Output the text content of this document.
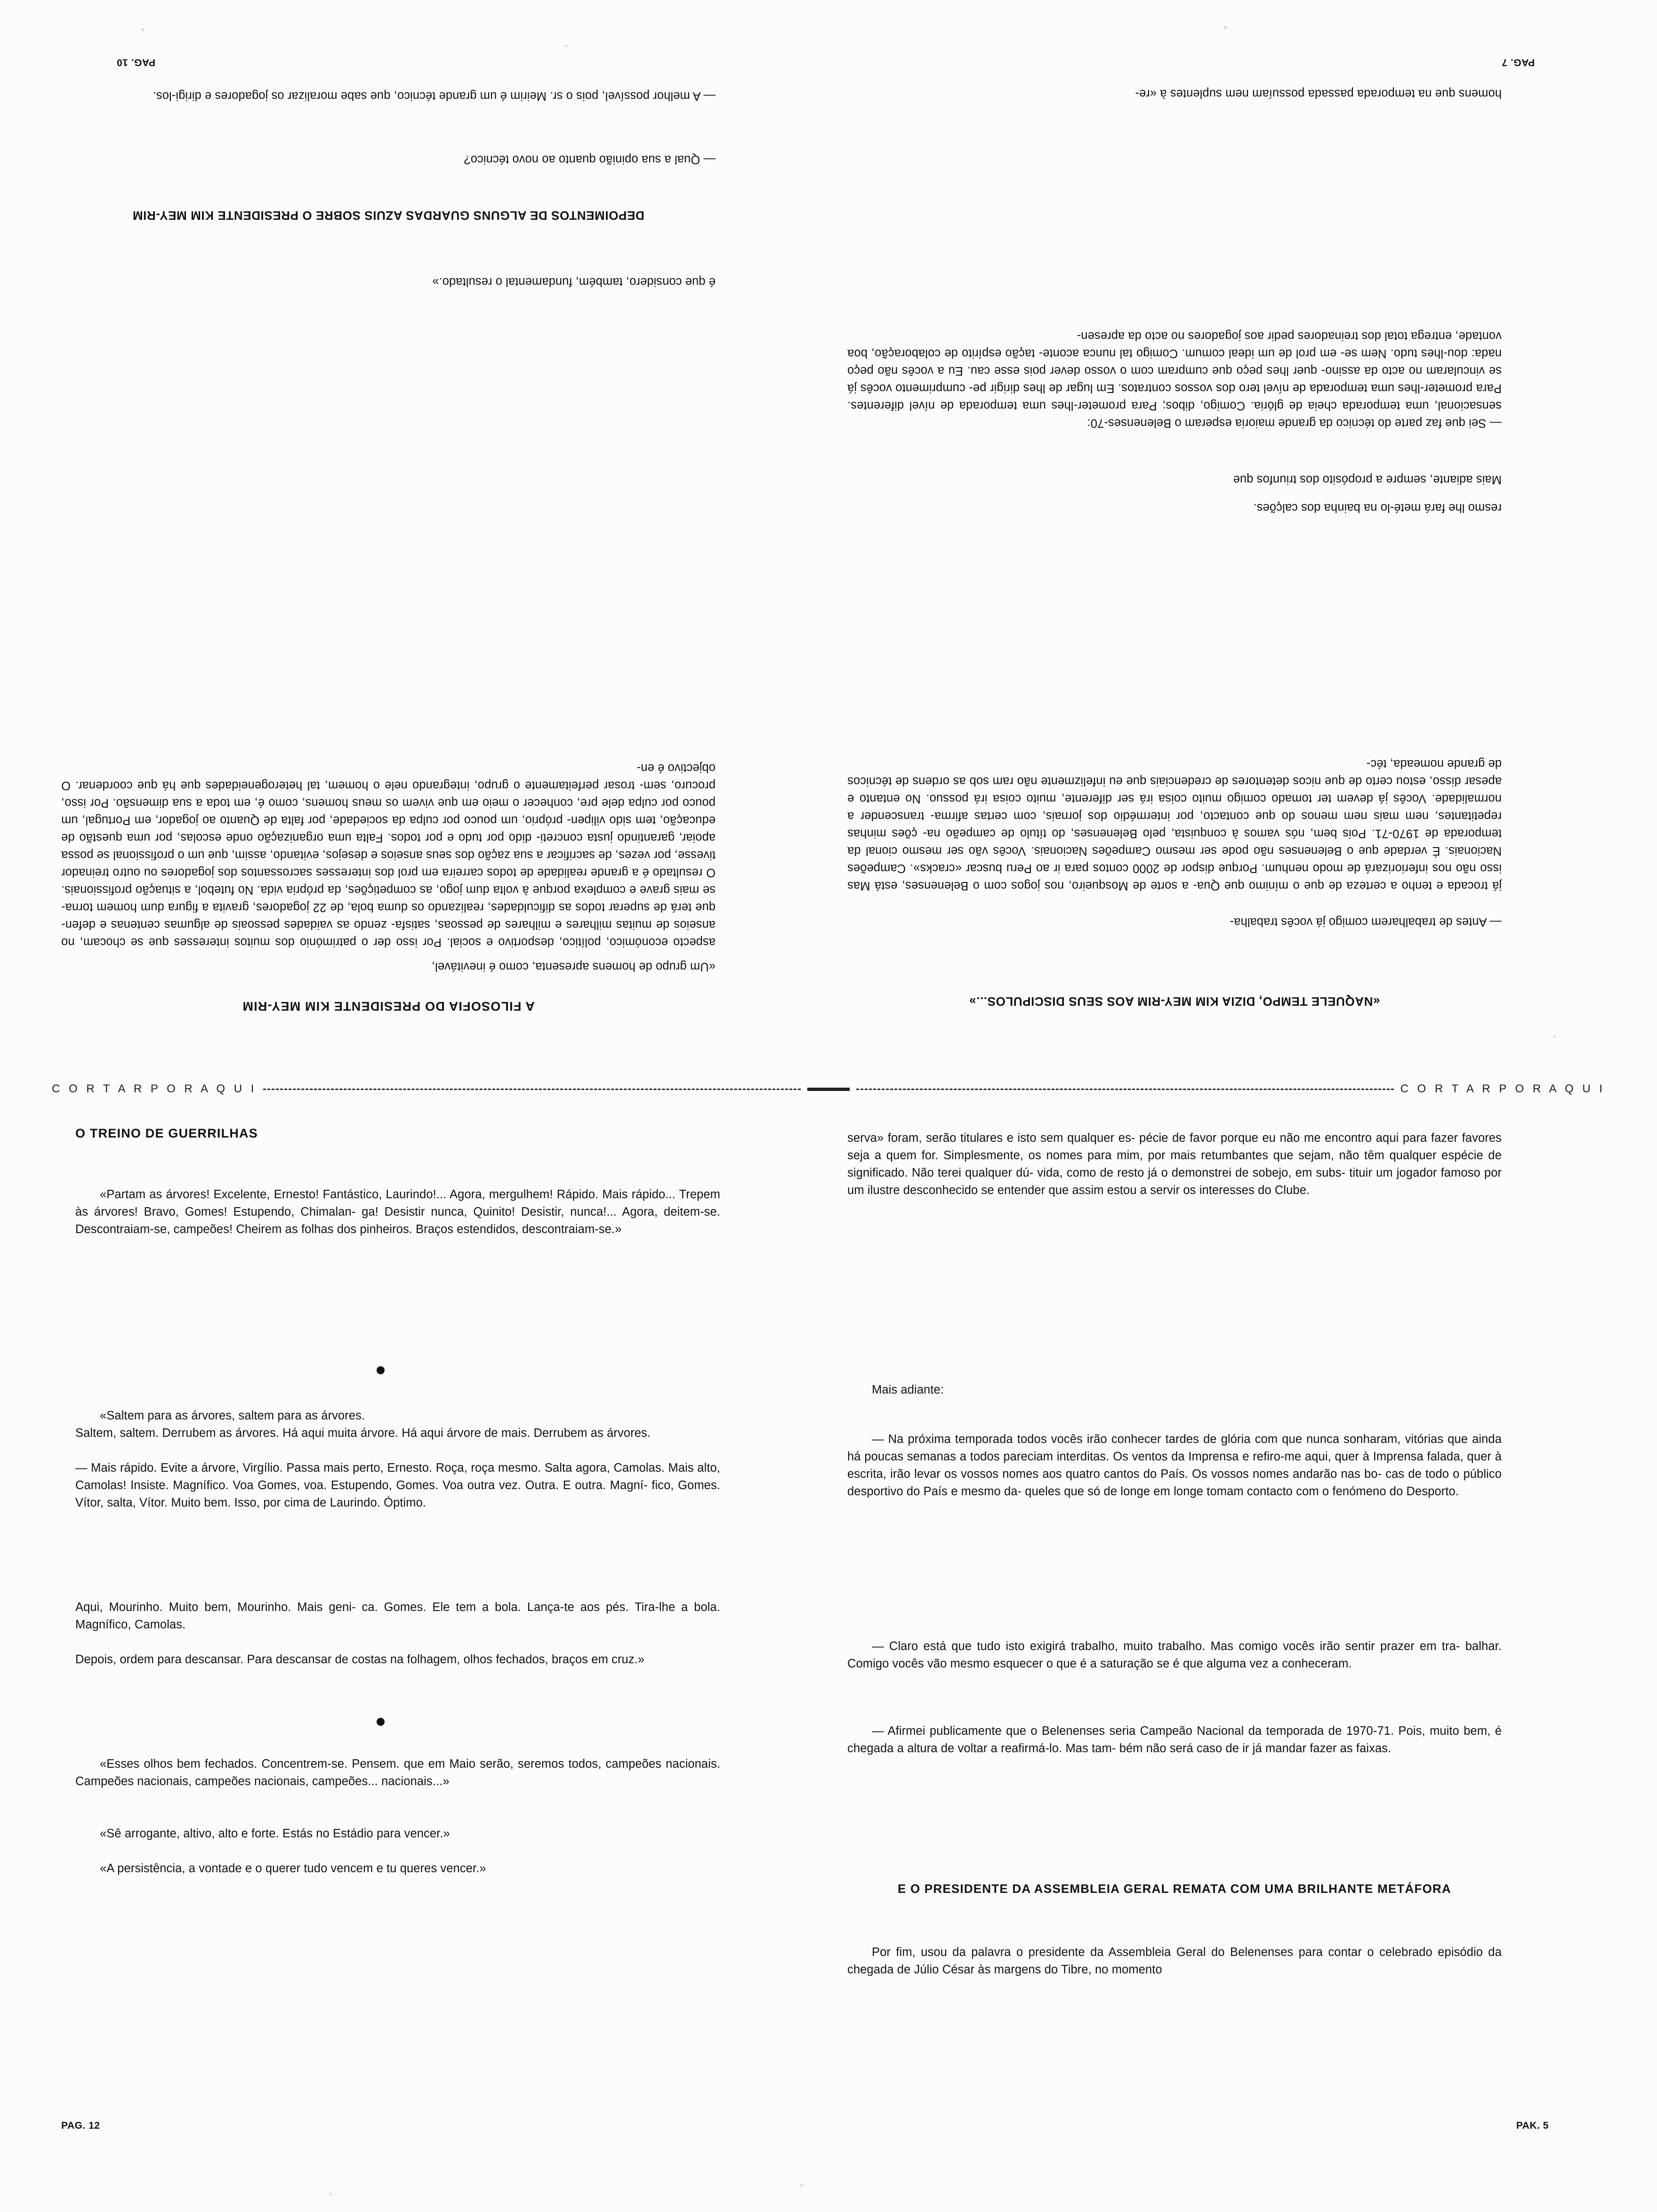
PAG. 10	PAG. 7
— A melhor possível, pois o sr. Meirim é um grande técnico, que sabe moralizar os jogadores e dirigi-los.
— Qual a sua opinião quanto ao novo técnico?
DEPOIMENTOS DE ALGUNS GUARDAS AZUIS SOBRE O PRESIDENTE KIM MEY-RIM
é que considero, também, fundamental o resultado.»
aspecto económico, político, desportivo e social. Por isso der o património dos muitos interesses que se chocam, no anseios de muitas milhares e milhares de pessoas, satisfa- zendo as vaidades pessoais de algumas centenas e defen- que terá de superar todos as dificuldades, realizando os duma bola, de 22 jogadores, gravita a figura dum homem torna-se mais grave e complexa porque à volta dum jogo, as competições, da própria vida. No futebol, a situação profissionais. O resultado é a grande realidade de todos carreira em prol dos interesses sacrossantos dos jogadores ou outro treinador tivesse, por vezes, de sacrificar a sua zação dos seus anseios e desejos, evitando, assim, que um o profissional se possa apoiar, garantindo justa concreti- dido por tudo e por todos. Falta uma organização onde escolas, por uma questão de educação, tem sido vilipen- próprio, um pouco por culpa da sociedade, por falta de Quanto ao jogador, em Portugal, um pouco por culpa dele pre, conhecer o meio em que vivem os meus homens, como é, em toda a sua dimensão. Por isso, procuro, sem- trosar perfeitamente o grupo, integrando nele o homem, tal heterogeneidades que há que coordenar. O objectivo é en-
«Um grupo de homens apresenta, como é inevitável,
A FILOSOFIA DO PRESIDENTE KIM MEY-RIM
homens que na temporada passada possuíam nem suplentes à «re-
sensacional, uma temporada cheia de glória. Comigo, dibos; Para prometer-lhes uma temporada de nível diferentes. Para prometer-lhes uma temporada de nível tero dos vossos contratos. Em lugar de lhes dirigir pe- cumprimento vocês já se vincularam no acto da assino- quer lhes peço que cumpram com o vosso dever pois esse cau. Eu a vocês não peço nada: dou-lhes tudo. Nem se- em prol de um ideal comum. Comigo tal nunca aconte- tação espírito de colaboração, boa vontade, entrega total dos treinadores pedir aos jogadores no acto da apresen-
— Sei que faz parte do técnico da grande maioria esperam o Belenenses-70:
Mais adiante, sempre a propósito dos triunfos que
resmo lhe fará meté-lo na bainha dos calções.
já trocada e tenho a certeza de que o mínimo que Qua- a sorte de Mosqueiro, nos jogos com o Belenenses, está Mas isso não nos inferiorizará de modo nenhum. Porque dispor de 2000 contos para ir ao Peru buscar «cracks». Campeões Nacionais. É verdade que o Belenenses não pode ser mesmo Campeões Nacionais. Vocês vão ser mesmo cional da temporada de 1970-71. Pois bem, nós vamos à conquista, pelo Belenenses, do título de campeão na- ções minhas repetitantes, nem mais nem menos do que contacto, por intermédio dos jornais, com certas afirma- transcender a normalidade. Vocês já devem ter tomado comigo muito coisa irá ser diferente, muito coisa irá possuo. No entanto e apesar disso, estou certo de que nicos detentores de credenciais que eu infelizmente não ram sob as ordens de técnicos de grande nomeada, téc-
— Antes de trabalharem comigo já vocês trabalha-
«NAQUELE TEMPO, DIZIA KIM MEY-RIM AOS SEUS DISCIPULOS...»
C O R T A R P O R A Q U I	C O R T A R P O R A Q U I
O TREINO DE GUERRILHAS
«Partam as árvores! Excelente, Ernesto! Fantástico, Laurindo!... Agora, mergulhem! Rápido. Mais rápido... Trepem às árvores! Bravo, Gomes! Estupendo, Chimalan- ga! Desistir nunca, Quinito! Desistir, nunca!... Agora, deitem-se. Descontraiam-se, campeões! Cheirem as folhas dos pinheiros. Braços estendidos, descontraiam-se.»
«Saltem para as árvores, saltem para as árvores.
Saltem, saltem. Derrubem as árvores. Há aqui muita árvore. Há aqui árvore de mais. Derrubem as árvores.
— Mais rápido. Evite a árvore, Virgílio. Passa mais perto, Ernesto. Roça, roça mesmo. Salta agora, Camolas. Mais alto, Camolas! Insiste. Magnífico. Voa Gomes, voa. Estupendo, Gomes. Voa outra vez. Outra. E outra. Magní- fico, Gomes. Vítor, salta, Vítor. Muito bem. Isso, por cima de Laurindo. Óptimo.
Aqui, Mourinho. Muito bem, Mourinho. Mais geni- ca. Gomes. Ele tem a bola. Lança-te aos pés. Tira-lhe a bola. Magnífico, Camolas.
Depois, ordem para descansar. Para descansar de costas na folhagem, olhos fechados, braços em cruz.»
«Esses olhos bem fechados. Concentrem-se. Pensem. que em Maio serão, seremos todos, campeões nacionais. Campeões nacionais, campeões nacionais, campeões... nacionais...»
«Sê arrogante, altivo, alto e forte. Estás no Estádio para vencer.»
«A persistência, a vontade e o querer tudo vencem e tu queres vencer.»
PAG. 12
serva» foram, serão titulares e isto sem qualquer es- pécie de favor porque eu não me encontro aqui para fazer favores seja a quem for. Simplesmente, os nomes para mim, por mais retumbantes que sejam, não têm qualquer espécie de significado. Não terei qualquer dú- vida, como de resto já o demonstrei de sobejo, em subs- tituir um jogador famoso por um ilustre desconhecido se entender que assim estou a servir os interesses do Clube.
Mais adiante:
— Na próxima temporada todos vocês irão conhecer tardes de glória com que nunca sonharam, vitórias que ainda há poucas semanas a todos pareciam interditas. Os ventos da Imprensa e refiro-me aqui, quer à Imprensa falada, quer à escrita, irão levar os vossos nomes aos quatro cantos do País. Os vossos nomes andarão nas bo- cas de todo o público desportivo do País e mesmo da- queles que só de longe em longe tomam contacto com o fenómeno do Desporto.
— Claro está que tudo isto exigirá trabalho, muito trabalho. Mas comigo vocês irão sentir prazer em tra- balhar. Comigo vocês vão mesmo esquecer o que é a saturação se é que alguma vez a conheceram.
— Afirmei publicamente que o Belenenses seria Campeão Nacional da temporada de 1970-71. Pois, muito bem, é chegada a altura de voltar a reafirmá-lo. Mas tam- bém não será caso de ir já mandar fazer as faixas.
E O PRESIDENTE DA ASSEMBLEIA GERAL REMATA COM UMA BRILHANTE METÁFORA
Por fim, usou da palavra o presidente da Assembleia Geral do Belenenses para contar o celebrado episódio da chegada de Júlio César às margens do Tibre, no momento
PAK. 5
